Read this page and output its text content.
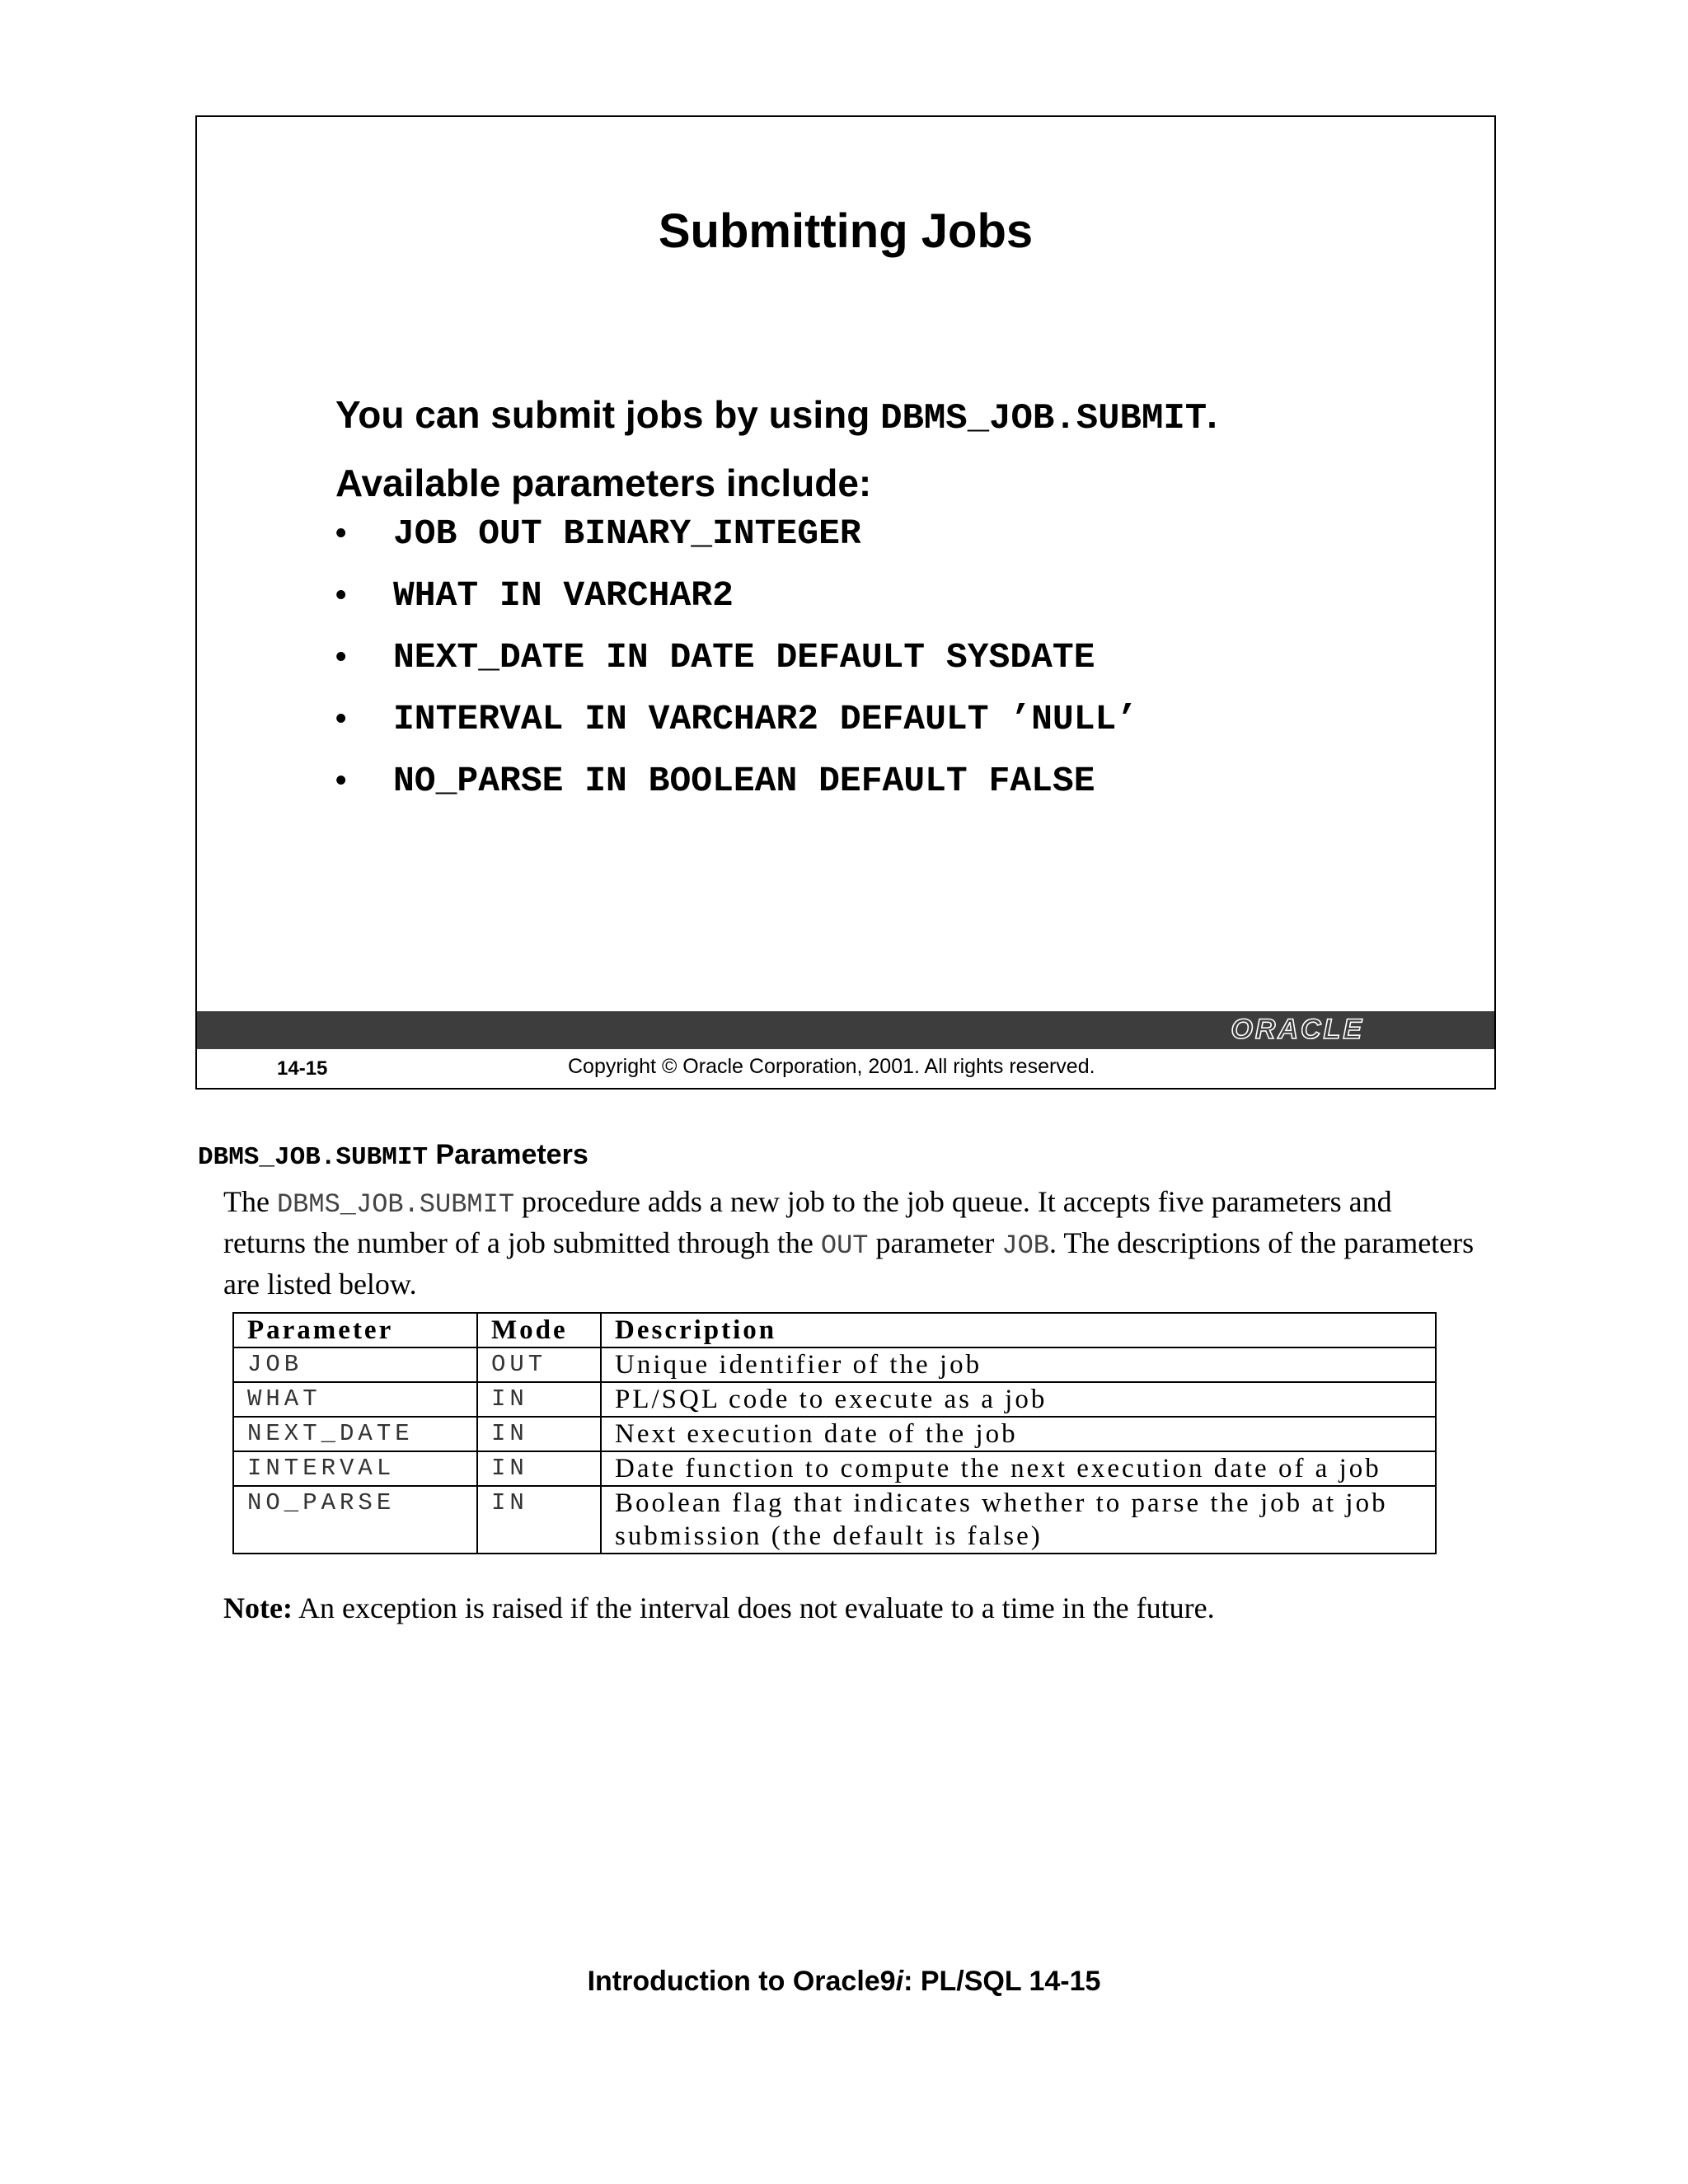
Submitting Jobs
You can submit jobs by using DBMS_JOB.SUBMIT.
Available parameters include:
• JOB OUT BINARY_INTEGER
• WHAT IN VARCHAR2
• NEXT_DATE IN DATE DEFAULT SYSDATE
• INTERVAL IN VARCHAR2 DEFAULT ’NULL’
• NO_PARSE IN BOOLEAN DEFAULT FALSE
ORACLE
14-15	Copyright © Oracle Corporation, 2001. All rights reserved.
DBMS_JOB.SUBMIT Parameters
The DBMS_JOB.SUBMIT procedure adds a new job to the job queue. It accepts five parameters and returns the number of a job submitted through the OUT parameter JOB. The descriptions of the parameters are listed below.
Parameter	Mode	Description
JOB	OUT	Unique identifier of the job
WHAT	IN	PL/SQL code to execute as a job
NEXT_DATE	IN	Next execution date of the job
INTERVAL	IN	Date function to compute the next execution date of a job
NO_PARSE	IN	Boolean flag that indicates whether to parse the job at job submission (the default is false)
Note: An exception is raised if the interval does not evaluate to a time in the future.
Introduction to Oracle9i: PL/SQL 14-15
